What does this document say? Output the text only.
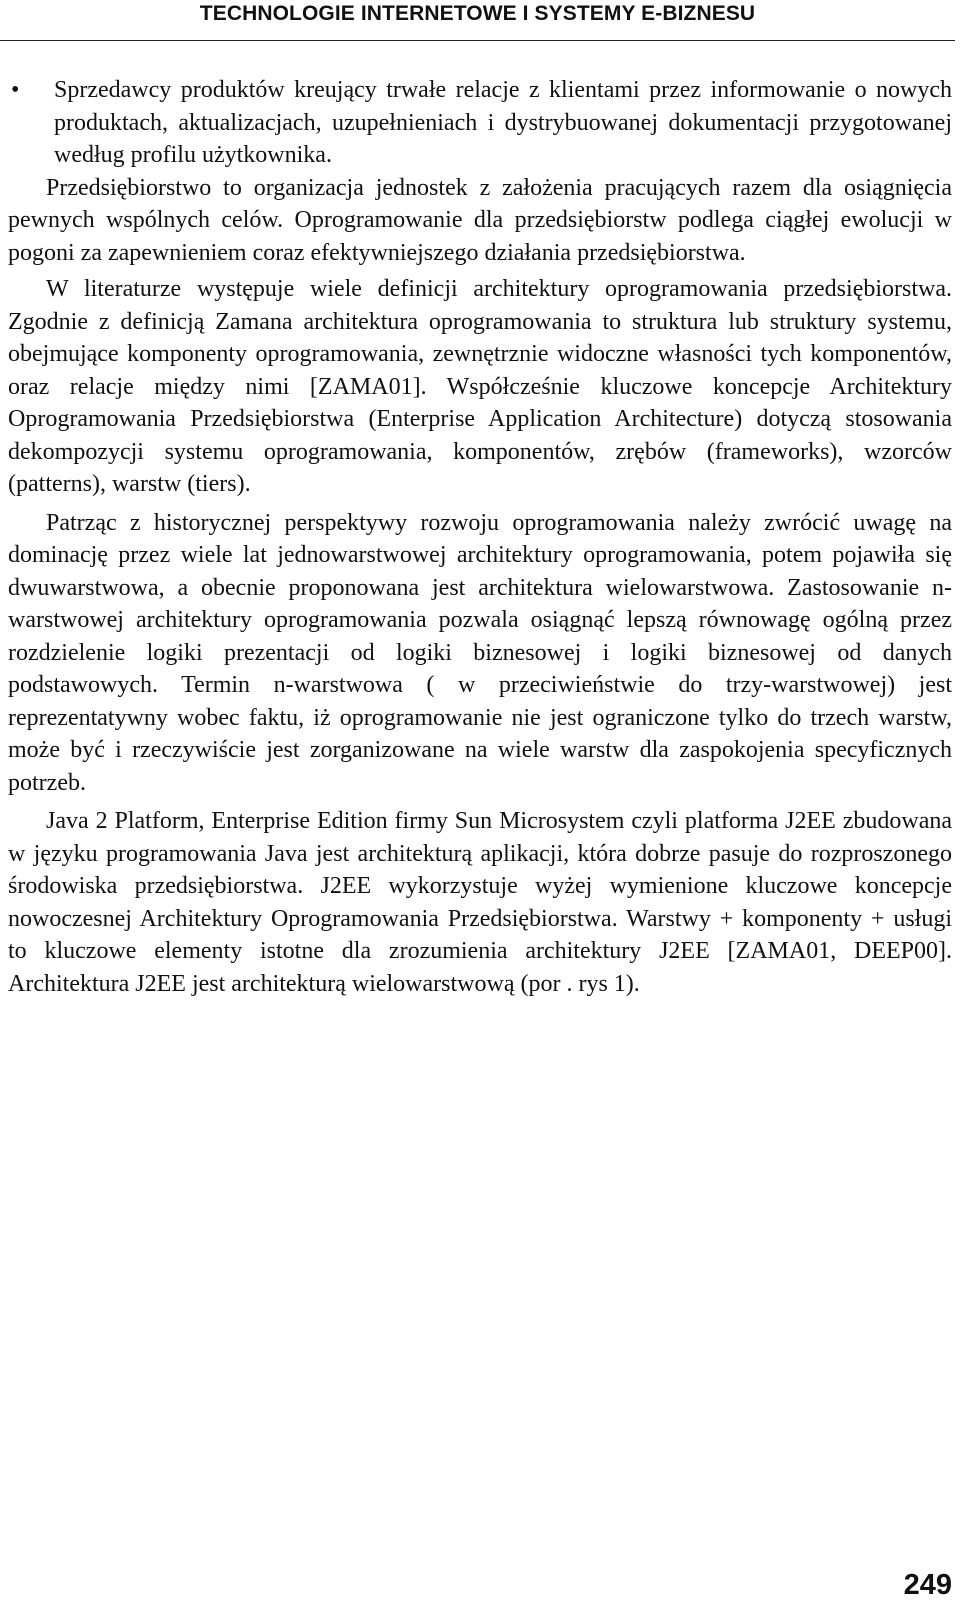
TECHNOLOGIE INTERNETOWE I SYSTEMY E-BIZNESU
• Sprzedawcy produktów kreujący trwałe relacje z klientami przez informowanie o nowych produktach, aktualizacjach, uzupełnieniach i dystrybuowanej dokumentacji przygotowanej według profilu użytkownika.

Przedsiębiorstwo to organizacja jednostek z założenia pracujących razem dla osiągnięcia pewnych wspólnych celów. Oprogramowanie dla przedsiębiorstw podlega ciągłej ewolucji w pogoni za zapewnieniem coraz efektywniejszego działania przedsiębiorstwa.

W literaturze występuje wiele definicji architektury oprogramowania przedsiębiorstwa. Zgodnie z definicją Zamana architektura oprogramowania to struktura lub struktury systemu, obejmujące komponenty oprogramowania, zewnętrznie widoczne własności tych komponentów, oraz relacje między nimi [ZAMA01]. Współcześnie kluczowe koncepcje Architektury Oprogramowania Przedsiębiorstwa (Enterprise Application Architecture) dotyczą stosowania dekompozycji systemu oprogramowania, komponentów, zrębów (frameworks), wzorców (patterns), warstw (tiers).

Patrząc z historycznej perspektywy rozwoju oprogramowania należy zwrócić uwagę na dominację przez wiele lat jednowarstwowej architektury oprogramowania, potem pojawiła się dwuwarstwowa, a obecnie proponowana jest architektura wielowarstwowa. Zastosowanie n-warstwowej architektury oprogramowania pozwala osiągnąć lepszą równowagę ogólną przez rozdzielenie logiki prezentacji od logiki biznesowej i logiki biznesowej od danych podstawowych. Termin n-warstwowa ( w przeciwieństwie do trzy-warstwowej) jest reprezentatywny wobec faktu, iż oprogramowanie nie jest ograniczone tylko do trzech warstw, może być i rzeczywiście jest zorganizowane na wiele warstw dla zaspokojenia specyficznych potrzeb.

Java 2 Platform, Enterprise Edition firmy Sun Microsystem czyli platforma J2EE zbudowana w języku programowania Java jest architekturą aplikacji, która dobrze pasuje do rozproszonego środowiska przedsiębiorstwa. J2EE wykorzystuje wyżej wymienione kluczowe koncepcje nowoczesnej Architektury Oprogramowania Przedsiębiorstwa. Warstwy + komponenty + usługi to kluczowe elementy istotne dla zrozumienia architektury J2EE [ZAMA01, DEEP00]. Architektura J2EE jest architekturą wielowarstwową (por . rys 1).

249
